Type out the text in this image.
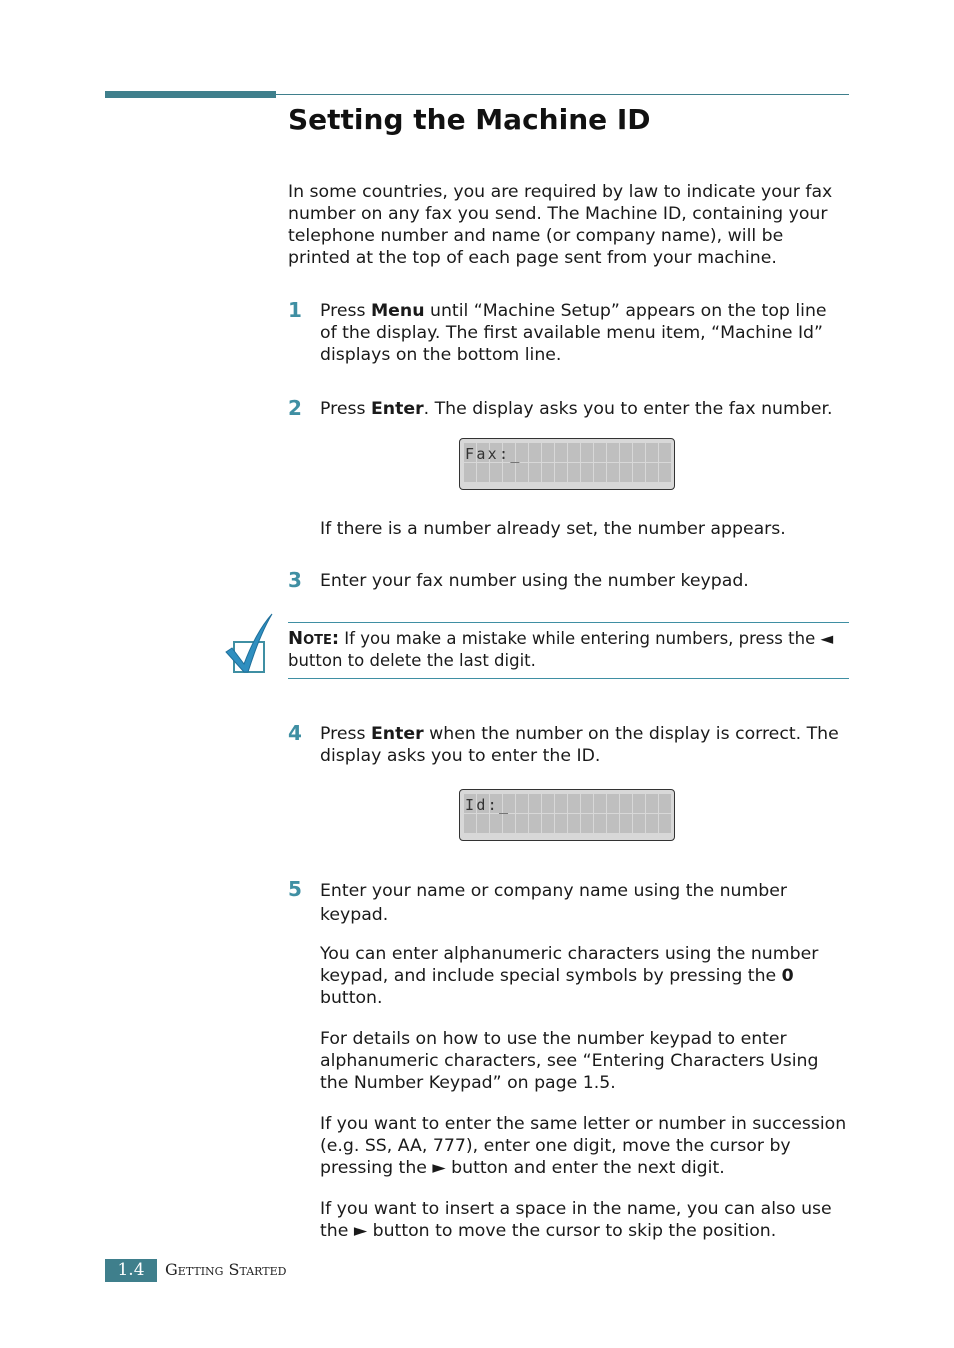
Setting the Machine ID

In some countries, you are required by law to indicate your fax number on any fax you send. The Machine ID, containing your telephone number and name (or company name), will be printed at the top of each page sent from your machine.

1 Press Menu until “Machine Setup” appears on the top line of the display. The first available menu item, “Machine Id” displays on the bottom line.

2 Press Enter. The display asks you to enter the fax number.

Fax:_

If there is a number already set, the number appears.

3 Enter your fax number using the number keypad.

Note: If you make a mistake while entering numbers, press the ◄ button to delete the last digit.

4 Press Enter when the number on the display is correct. The display asks you to enter the ID.

Id:_
5 Enter your name or company name using the number keypad.

You can enter alphanumeric characters using the number keypad, and include special symbols by pressing the 0 button.

For details on how to use the number keypad to enter alphanumeric characters, see “Entering Characters Using the Number Keypad” on page 1.5.

If you want to enter the same letter or number in succession (e.g. SS, AA, 777), enter one digit, move the cursor by pressing the ► button and enter the next digit.

If you want to insert a space in the name, you can also use the ► button to move the cursor to skip the position.

1.4	Getting Started
